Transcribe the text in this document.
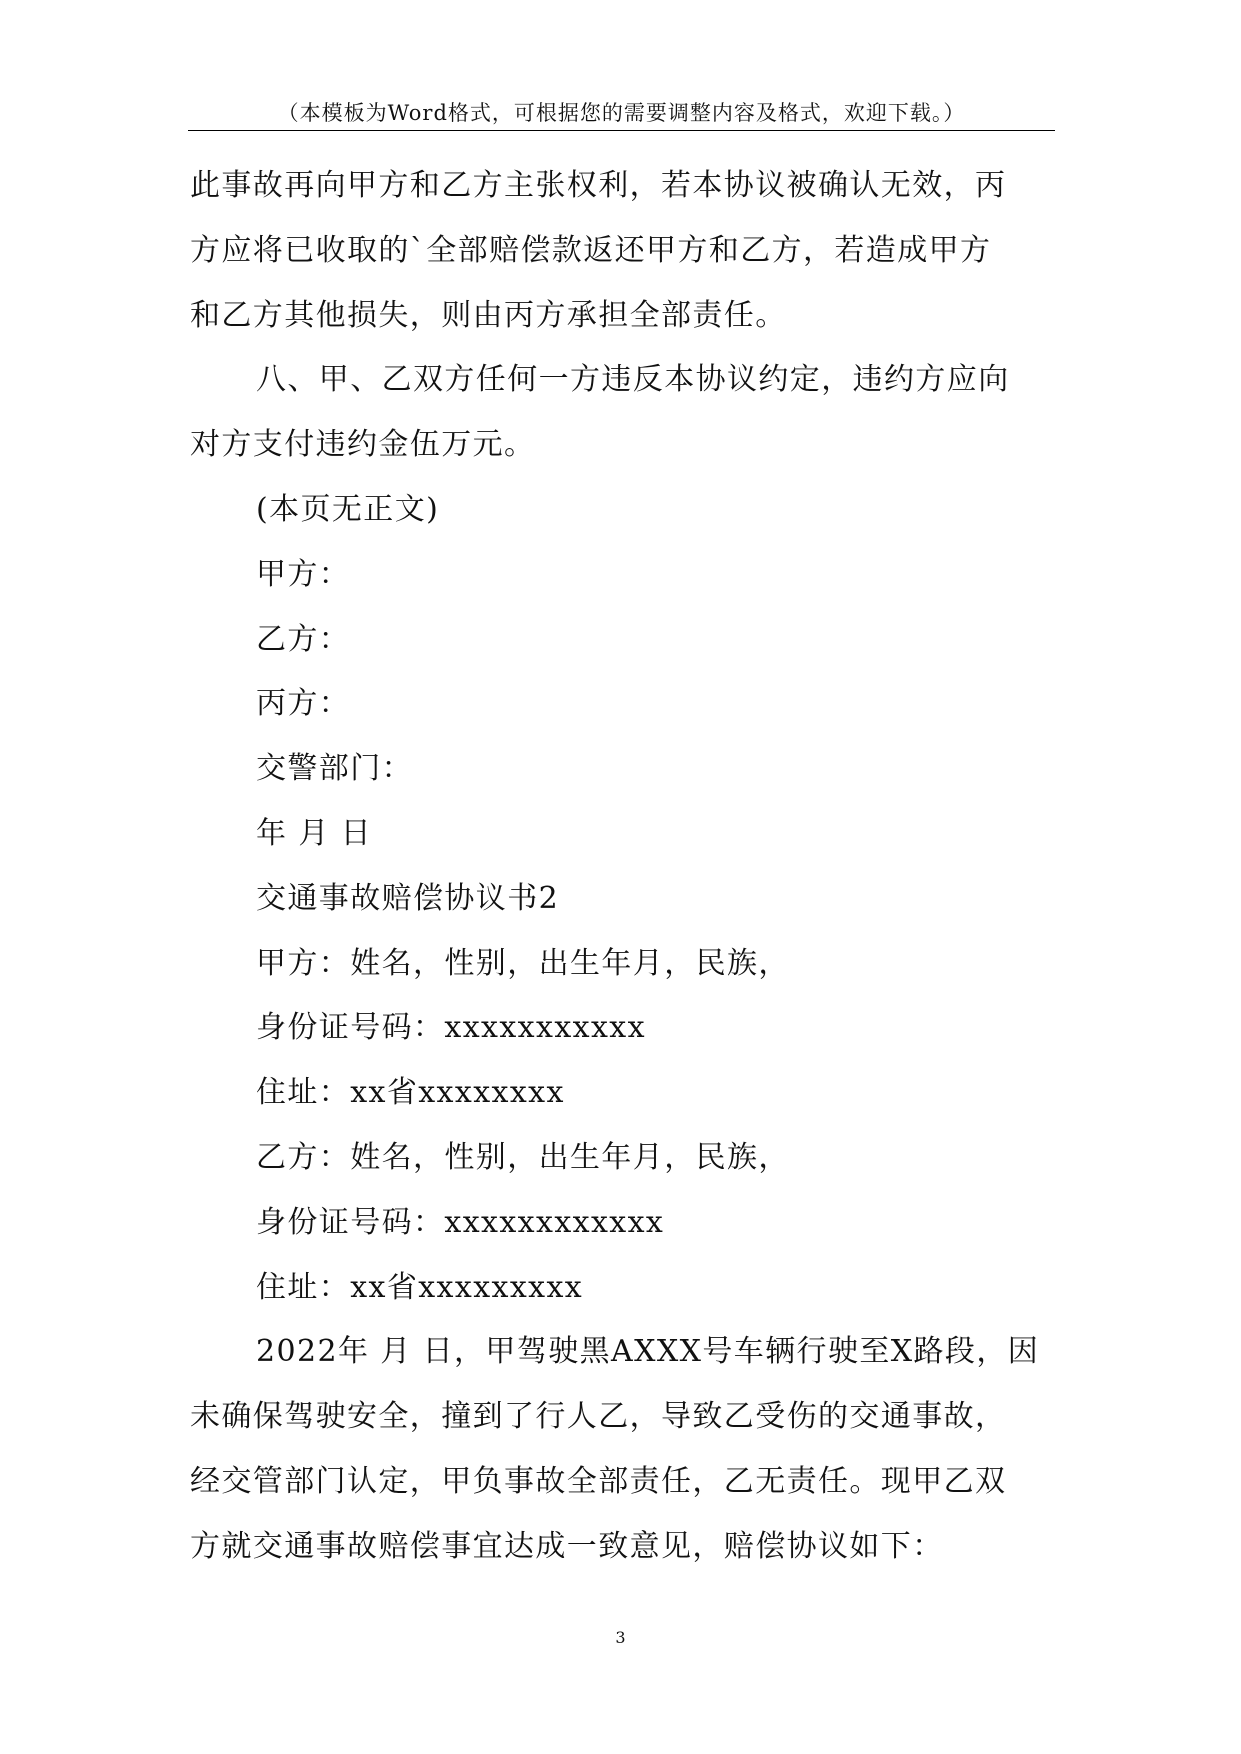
（本模板为Word格式，可根据您的需要调整内容及格式，欢迎下载。）
此事故再向甲方和乙方主张权利，若本协议被确认无效，丙
方应将已收取的`全部赔偿款返还甲方和乙方，若造成甲方
和乙方其他损失，则由丙方承担全部责任。
八、甲、乙双方任何一方违反本协议约定，违约方应向
对方支付违约金伍万元。
(本页无正文)
甲方：
乙方：
丙方：
交警部门：
年 月 日
交通事故赔偿协议书2
甲方：姓名，性别，出生年月，民族，
身份证号码：xxxxxxxxxxx
住址：xx省xxxxxxxx
乙方：姓名，性别，出生年月，民族，
身份证号码：xxxxxxxxxxxx
住址：xx省xxxxxxxxx
2022年 月 日，甲驾驶黑AXXX号车辆行驶至X路段，因
未确保驾驶安全，撞到了行人乙，导致乙受伤的交通事故，
经交管部门认定，甲负事故全部责任，乙无责任。现甲乙双
方就交通事故赔偿事宜达成一致意见，赔偿协议如下：
3
